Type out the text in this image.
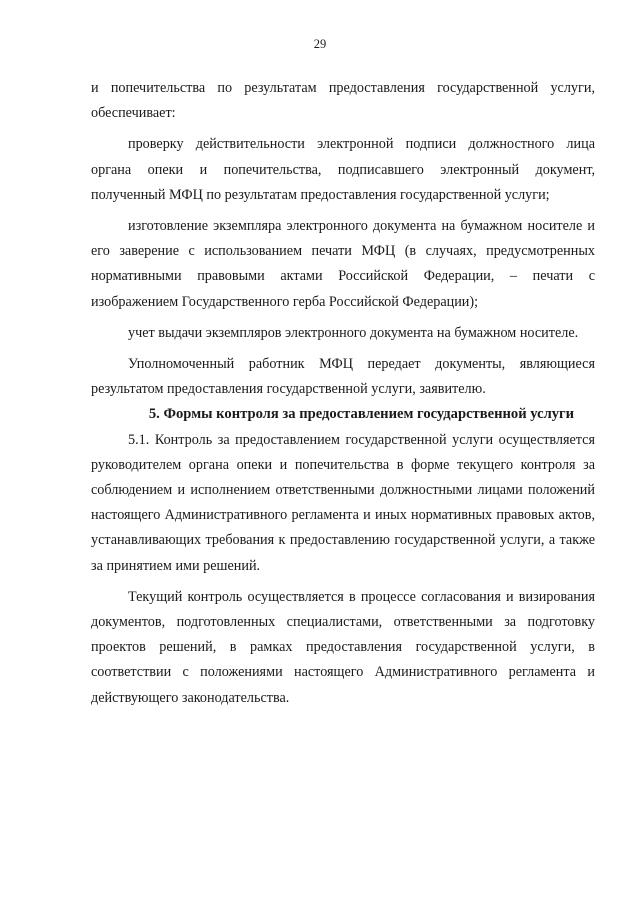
29

и попечительства по результатам предоставления государственной услуги, обеспечивает:

проверку действительности электронной подписи должностного лица органа опеки и попечительства, подписавшего электронный документ, полученный МФЦ по результатам предоставления государственной услуги;

изготовление экземпляра электронного документа на бумажном носителе и его заверение с использованием печати МФЦ (в случаях, предусмотренных нормативными правовыми актами Российской Федерации, – печати с изображением Государственного герба Российской Федерации);

учет выдачи экземпляров электронного документа на бумажном носителе.

Уполномоченный работник МФЦ передает документы, являющиеся результатом предоставления государственной услуги, заявителю.

5. Формы контроля за предоставлением государственной услуги

5.1. Контроль за предоставлением государственной услуги осуществляется руководителем органа опеки и попечительства в форме текущего контроля за соблюдением и исполнением ответственными должностными лицами положений настоящего Административного регламента и иных нормативных правовых актов, устанавливающих требования к предоставлению государственной услуги, а также за принятием ими решений.

Текущий контроль осуществляется в процессе согласования и визирования документов, подготовленных специалистами, ответственными за подготовку проектов решений, в рамках предоставления государственной услуги, в соответствии с положениями настоящего Административного регламента и действующего законодательства.
